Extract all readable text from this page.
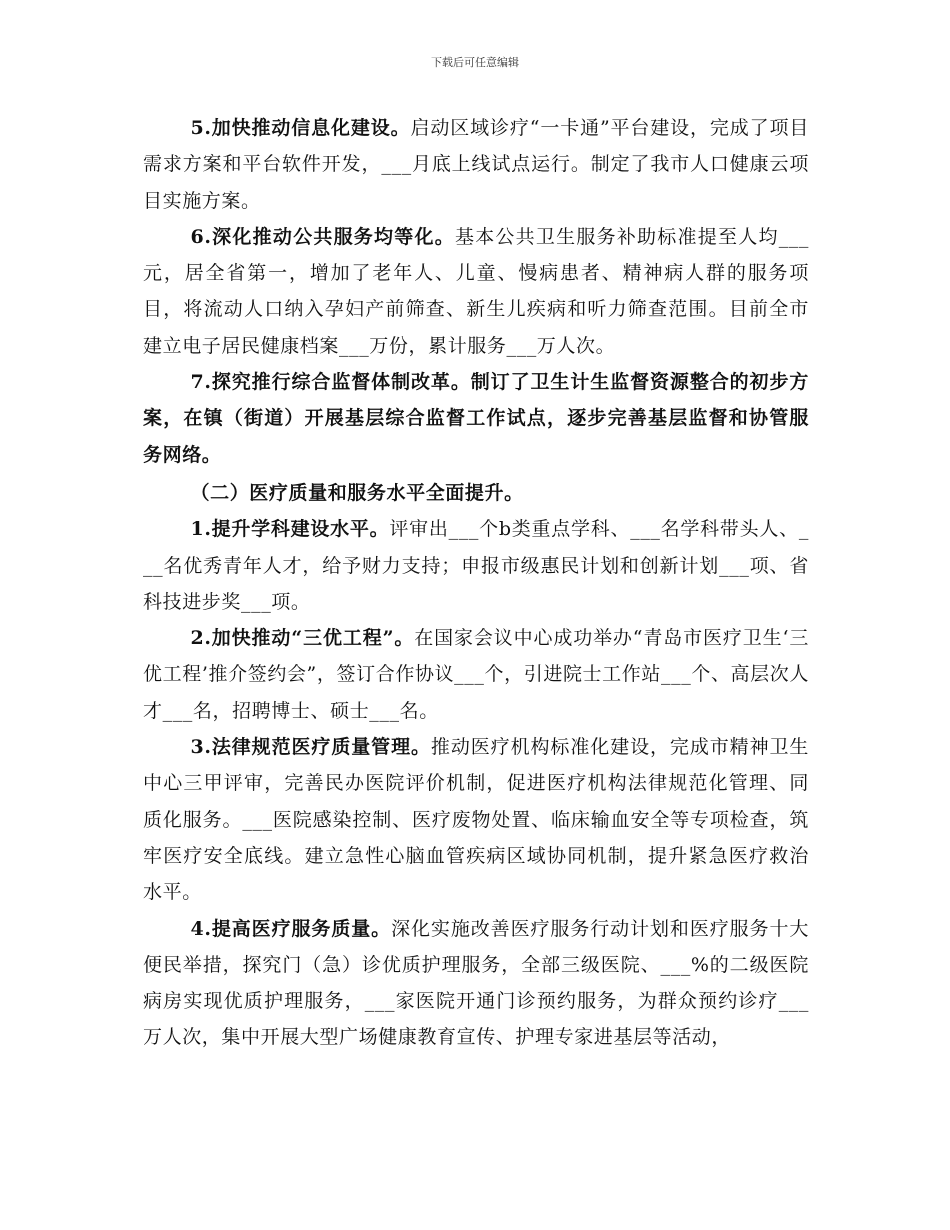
下载后可任意编辑

5.加快推动信息化建设。启动区域诊疗“一卡通”平台建设，完成了项目需求方案和平台软件开发，___月底上线试点运行。制定了我市人口健康云项目实施方案。

6.深化推动公共服务均等化。基本公共卫生服务补助标准提至人均___元，居全省第一，增加了老年人、儿童、慢病患者、精神病人群的服务项目，将流动人口纳入孕妇产前筛查、新生儿疾病和听力筛查范围。目前全市建立电子居民健康档案___万份，累计服务___万人次。

7.探究推行综合监督体制改革。制订了卫生计生监督资源整合的初步方案，在镇（街道）开展基层综合监督工作试点，逐步完善基层监督和协管服务网络。

（二）医疗质量和服务水平全面提升。

1.提升学科建设水平。评审出___个b类重点学科、___名学科带头人、___名优秀青年人才，给予财力支持；申报市级惠民计划和创新计划___项、省科技进步奖___项。

2.加快推动“三优工程”。在国家会议中心成功举办“青岛市医疗卫生‘三优工程’推介签约会”，签订合作协议___个，引进院士工作站___个、高层次人才___名，招聘博士、硕士___名。

3.法律规范医疗质量管理。推动医疗机构标准化建设，完成市精神卫生中心三甲评审，完善民办医院评价机制，促进医疗机构法律规范化管理、同质化服务。___医院感染控制、医疗废物处置、临床输血安全等专项检查，筑牢医疗安全底线。建立急性心脑血管疾病区域协同机制，提升紧急医疗救治水平。

4.提高医疗服务质量。深化实施改善医疗服务行动计划和医疗服务十大便民举措，探究门（急）诊优质护理服务，全部三级医院、___%的二级医院病房实现优质护理服务，___家医院开通门诊预约服务，为群众预约诊疗___万人次，集中开展大型广场健康教育宣传、护理专家进基层等活动，
